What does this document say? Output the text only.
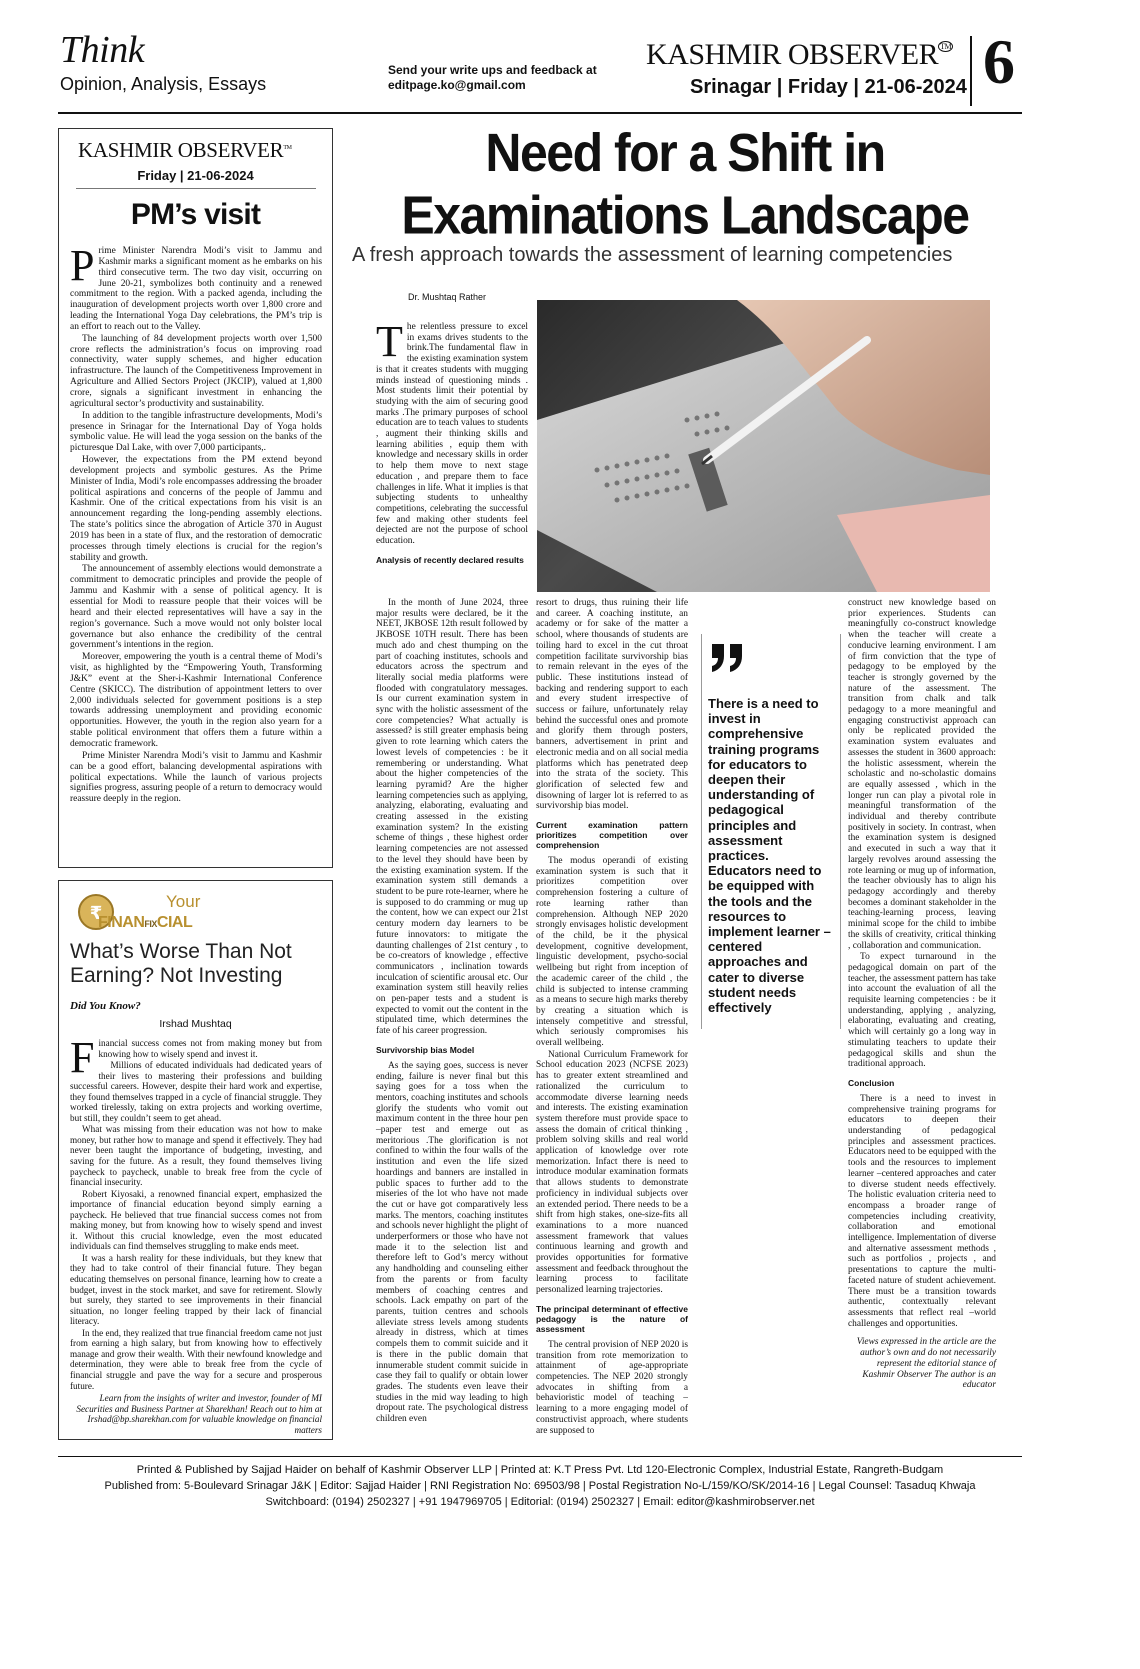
Think
Opinion, Analysis, Essays
Send your write ups and feedback at
editpage.ko@gmail.com
KASHMIR OBSERVER ™
Srinagar | Friday | 21-06-2024 6
KASHMIR OBSERVER™
Friday | 21-06-2024
PM’s visit

Prime Minister Narendra Modi’s visit to Jammu and Kashmir marks a significant moment as he embarks on his third consecutive term. The two day visit, occurring on June 20-21, symbolizes both continuity and a renewed commitment to the region. With a packed agenda, including the inauguration of development projects worth over 1,800 crore and leading the International Yoga Day celebrations, the PM’s trip is an effort to reach out to the Valley.

The launching of 84 development projects worth over 1,500 crore reflects the administration’s focus on improving road connectivity, water supply schemes, and higher education infrastructure. The launch of the Competitiveness Improvement in Agriculture and Allied Sectors Project (JKCIP), valued at 1,800 crore, signals a significant investment in enhancing the agricultural sector’s productivity and sustainability.

In addition to the tangible infrastructure developments, Modi’s presence in Srinagar for the International Day of Yoga holds symbolic value. He will lead the yoga session on the banks of the picturesque Dal Lake, with over 7,000 participants,.

However, the expectations from the PM extend beyond development projects and symbolic gestures. As the Prime Minister of India, Modi’s role encompasses addressing the broader political aspirations and concerns of the people of Jammu and Kashmir. One of the critical expectations from his visit is an announcement regarding the long-pending assembly elections. The state’s politics since the abrogation of Article 370 in August 2019 has been in a state of flux, and the restoration of democratic processes through timely elections is crucial for the region’s stability and growth.

The announcement of assembly elections would demonstrate a commitment to democratic principles and provide the people of Jammu and Kashmir with a sense of political agency. It is essential for Modi to reassure people that their voices will be heard and their elected representatives will have a say in the region’s governance. Such a move would not only bolster local governance but also enhance the credibility of the central government’s intentions in the region.

Moreover, empowering the youth is a central theme of Modi’s visit, as highlighted by the “Empowering Youth, Transforming J&K” event at the Sher-i-Kashmir International Conference Centre (SKICC). The distribution of appointment letters to over 2,000 individuals selected for government positions is a step towards addressing unemployment and providing economic opportunities. However, the youth in the region also yearn for a stable political environment that offers them a future within a democratic framework.

Prime Minister Narendra Modi’s visit to Jammu and Kashmir can be a good effort, balancing developmental aspirations with political expectations. While the launch of various projects signifies progress, assuring people of a return to democracy would reassure deeply in the region.

₹
Your
FINANFIXCIAL
What’s Worse Than Not Earning? Not Investing
Did You Know?
Irshad Mushtaq

Financial success comes not from making money but from knowing how to wisely spend and invest it.

Millions of educated individuals had dedicated years of their lives to mastering their professions and building successful careers. However, despite their hard work and expertise, they found themselves trapped in a cycle of financial struggle. They worked tirelessly, taking on extra projects and working overtime, but still, they couldn’t seem to get ahead.

What was missing from their education was not how to make money, but rather how to manage and spend it effectively. They had never been taught the importance of budgeting, investing, and saving for the future. As a result, they found themselves living paycheck to paycheck, unable to break free from the cycle of financial insecurity.

Robert Kiyosaki, a renowned financial expert, emphasized the importance of financial education beyond simply earning a paycheck. He believed that true financial success comes not from making money, but from knowing how to wisely spend and invest it. Without this crucial knowledge, even the most educated individuals can find themselves struggling to make ends meet.

It was a harsh reality for these individuals, but they knew that they had to take control of their financial future. They began educating themselves on personal finance, learning how to create a budget, invest in the stock market, and save for retirement. Slowly but surely, they started to see improvements in their financial situation, no longer feeling trapped by their lack of financial literacy.

In the end, they realized that true financial freedom came not just from earning a high salary, but from knowing how to effectively manage and grow their wealth. With their newfound knowledge and determination, they were able to break free from the cycle of financial struggle and pave the way for a secure and prosperous future.

Learn from the insights of writer and investor, founder of MI Securities and Business Partner at Sharekhan! Reach out to him at Irshad@bp.sharekhan.com for valuable knowledge on financial matters

Need for a Shift in
Examinations Landscape
A fresh approach towards the assessment of learning competencies
Dr. Mushtaq Rather

The relentless pressure to excel in exams drives students to the brink.The fundamental flaw in the existing examination system is that it creates students with mugging minds instead of questioning minds . Most students limit their potential by studying with the aim of securing good marks .The primary purposes of school education are to teach values to students , augment their thinking skills and learning abilities , equip them with knowledge and necessary skills in order to help them move to next stage education , and prepare them to face challenges in life. What it implies is that subjecting students to unhealthy competitions, celebrating the successful few and making other students feel dejected are not the purpose of school education.

Analysis of recently declared results

In the month of June 2024, three major results were declared, be it the NEET, JKBOSE 12th result followed by JKBOSE 10TH result. There has been much ado and chest thumping on the part of coaching institutes, schools and educators across the spectrum and literally social media platforms were flooded with congratulatory messages. Is our current examination system in sync with the holistic assessment of the core competencies? What actually is assessed? is still greater emphasis being given to rote learning which caters the lowest levels of competencies : be it remembering or understanding. What about the higher competencies of the learning pyramid? Are the higher learning competencies such as applying, analyzing, elaborating, evaluating and creating assessed in the existing examination system? In the existing scheme of things , these highest order learning competencies are not assessed to the level they should have been by the existing examination system. If the examination system still demands a student to be pure rote-learner, where he is supposed to do cramming or mug up the content, how we can expect our 21st century modern day learners to be future innovators: to mitigate the daunting challenges of 21st century , to be co-creators of knowledge , effective communicators , inclination towards inculcation of scientific arousal etc. Our examination system still heavily relies on pen-paper tests and a student is expected to vomit out the content in the stipulated time, which determines the fate of his career progression.

Survivorship bias Model

As the saying goes, success is never ending, failure is never final but this saying goes for a toss when the mentors, coaching institutes and schools glorify the students who vomit out maximum content in the three hour pen –paper test and emerge out as meritorious .The glorification is not confined to within the four walls of the institution and even the life sized hoardings and banners are installed in public spaces to further add to the miseries of the lot who have not made the cut or have got comparatively less marks. The mentors, coaching institutes and schools never highlight the plight of underperformers or those who have not made it to the selection list and therefore left to God’s mercy without any handholding and counseling either from the parents or from faculty members of coaching centres and schools. Lack empathy on part of the parents, tuition centres and schools alleviate stress levels among students already in distress, which at times compels them to commit suicide and it is there in the public domain that innumerable student commit suicide in case they fail to qualify or obtain lower grades. The students even leave their studies in the mid way leading to high dropout rate. The psychological distress children even

resort to drugs, thus ruining their life and career. A coaching institute, an academy or for sake of the matter a school, where thousands of students are toiling hard to excel in the cut throat competition facilitate survivorship bias to remain relevant in the eyes of the public. These institutions instead of backing and rendering support to each and every student irrespective of success or failure, unfortunately relay behind the successful ones and promote and glorify them through posters, banners, advertisement in print and electronic media and on all social media platforms which has penetrated deep into the strata of the society. This glorification of selected few and disowning of larger lot is referred to as survivorship bias model.

Current examination pattern prioritizes competition over comprehension

The modus operandi of existing examination system is such that it prioritizes competition over comprehension fostering a culture of rote learning rather than comprehension. Although NEP 2020 strongly envisages holistic development of the child, be it the physical development, cognitive development, linguistic development, psycho-social wellbeing but right from inception of the academic career of the child , the child is subjected to intense cramming as a means to secure high marks thereby by creating a situation which is intensely competitive and stressful, which seriously compromises his overall wellbeing.

National Curriculum Framework for School education 2023 (NCFSE 2023) has to greater extent streamlined and rationalized the curriculum to accommodate diverse learning needs and interests. The existing examination system therefore must provide space to assess the domain of critical thinking , problem solving skills and real world application of knowledge over rote memorization. Infact there is need to introduce modular examination formats that allows students to demonstrate proficiency in individual subjects over an extended period. There needs to be a shift from high stakes, one-size-fits all examinations to a more nuanced assessment framework that values continuous learning and growth and provides opportunities for formative assessment and feedback throughout the learning process to facilitate personalized learning trajectories.

The principal determinant of effective pedagogy is the nature of assessment

The central provision of NEP 2020 is transition from rote memorization to attainment of age-appropriate competencies. The NEP 2020 strongly advocates in shifting from a behavioristic model of teaching –learning to a more engaging model of constructivist approach, where students are supposed to

There is a need to invest in comprehensive training programs for educators to deepen their understanding of pedagogical principles and assessment practices. Educators need to be equipped with the tools and the resources to implement learner –centered approaches and cater to diverse student needs effectively

construct new knowledge based on prior experiences. Students can meaningfully co-construct knowledge when the teacher will create a conducive learning environment. I am of firm conviction that the type of pedagogy to be employed by the teacher is strongly governed by the nature of the assessment. The transition from chalk and talk pedagogy to a more meaningful and engaging constructivist approach can only be replicated provided the examination system evaluates and assesses the student in 3600 approach: the holistic assessment, wherein the scholastic and no-scholastic domains are equally assessed , which in the longer run can play a pivotal role in meaningful transformation of the individual and thereby contribute positively in society. In contrast, when the examination system is designed and executed in such a way that it largely revolves around assessing the rote learning or mug up of information, the teacher obviously has to align his pedagogy accordingly and thereby becomes a dominant stakeholder in the teaching-learning process, leaving minimal scope for the child to imbibe the skills of creativity, critical thinking , collaboration and communication.

To expect turnaround in the pedagogical domain on part of the teacher, the assessment pattern has take into account the evaluation of all the requisite learning competencies : be it understanding, applying , analyzing, elaborating, evaluating and creating, which will certainly go a long way in stimulating teachers to update their pedagogical skills and shun the traditional approach.

Conclusion

There is a need to invest in comprehensive training programs for educators to deepen their understanding of pedagogical principles and assessment practices. Educators need to be equipped with the tools and the resources to implement learner –centered approaches and cater to diverse student needs effectively. The holistic evaluation criteria need to encompass a broader range of competencies including creativity, collaboration and emotional intelligence. Implementation of diverse and alternative assessment methods , such as portfolios , projects , and presentations to capture the multi-faceted nature of student achievement. There must be a transition towards authentic, contextually relevant assessments that reflect real –world challenges and opportunities.

Views expressed in the article are the author’s own and do not necessarily represent the editorial stance of Kashmir Observer The author is an educator

Printed & Published by Sajjad Haider on behalf of Kashmir Observer LLP | Printed at: K.T Press Pvt. Ltd 120-Electronic Complex, Industrial Estate, Rangreth-Budgam
Published from: 5-Boulevard Srinagar J&K | Editor: Sajjad Haider | RNI Registration No: 69503/98 | Postal Registration No-L/159/KO/SK/2014-16 | Legal Counsel: Tasaduq Khwaja
Switchboard: (0194) 2502327 | +91 1947969705 | Editorial: (0194) 2502327 | Email: editor@kashmirobserver.net
